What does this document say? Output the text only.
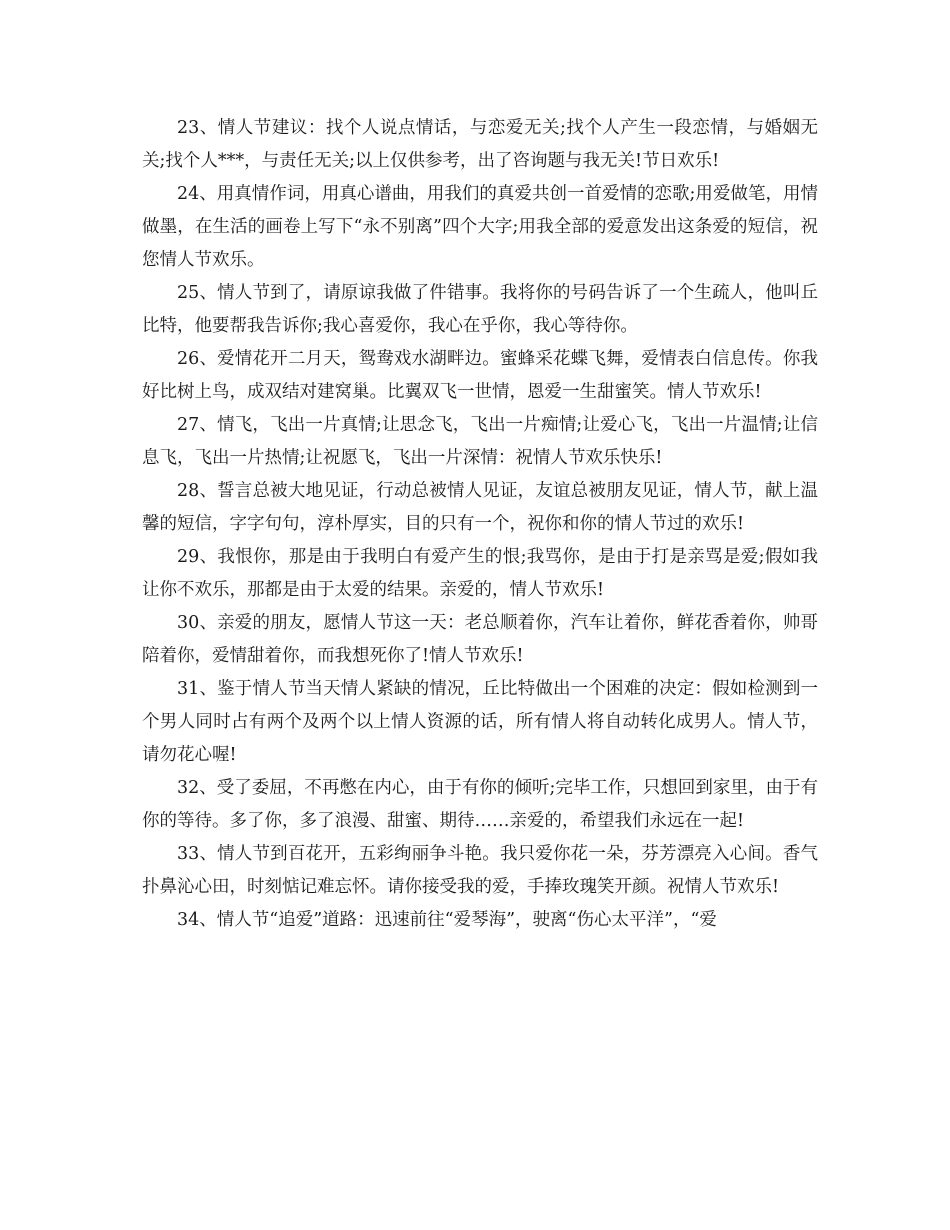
23、情人节建议：找个人说点情话，与恋爱无关;找个人产生一段恋情，与婚姻无关;找个人***，与责任无关;以上仅供参考，出了咨询题与我无关!节日欢乐!

24、用真情作词，用真心谱曲，用我们的真爱共创一首爱情的恋歌;用爱做笔，用情做墨，在生活的画卷上写下“永不别离”四个大字;用我全部的爱意发出这条爱的短信，祝您情人节欢乐。

25、情人节到了，请原谅我做了件错事。我将你的号码告诉了一个生疏人，他叫丘比特，他要帮我告诉你;我心喜爱你，我心在乎你，我心等待你。

26、爱情花开二月天，鸳鸯戏水湖畔边。蜜蜂采花蝶飞舞，爱情表白信息传。你我好比树上鸟，成双结对建窝巢。比翼双飞一世情，恩爱一生甜蜜笑。情人节欢乐!

27、情飞，飞出一片真情;让思念飞，飞出一片痴情;让爱心飞，飞出一片温情;让信息飞，飞出一片热情;让祝愿飞，飞出一片深情：祝情人节欢乐快乐!

28、誓言总被大地见证，行动总被情人见证，友谊总被朋友见证，情人节，献上温馨的短信，字字句句，淳朴厚实，目的只有一个，祝你和你的情人节过的欢乐!

29、我恨你，那是由于我明白有爱产生的恨;我骂你，是由于打是亲骂是爱;假如我让你不欢乐，那都是由于太爱的结果。亲爱的，情人节欢乐!

30、亲爱的朋友，愿情人节这一天：老总顺着你，汽车让着你，鲜花香着你，帅哥陪着你，爱情甜着你，而我想死你了!情人节欢乐!

31、鉴于情人节当天情人紧缺的情况，丘比特做出一个困难的决定：假如检测到一个男人同时占有两个及两个以上情人资源的话，所有情人将自动转化成男人。情人节，请勿花心喔!

32、受了委屈，不再憋在内心，由于有你的倾听;完毕工作，只想回到家里，由于有你的等待。多了你，多了浪漫、甜蜜、期待……亲爱的，希望我们永远在一起!

33、情人节到百花开，五彩绚丽争斗艳。我只爱你花一朵，芬芳漂亮入心间。香气扑鼻沁心田，时刻惦记难忘怀。请你接受我的爱，手捧玫瑰笑开颜。祝情人节欢乐!

34、情人节“追爱”道路：迅速前往“爱琴海”，驶离“伤心太平洋”，“爱
